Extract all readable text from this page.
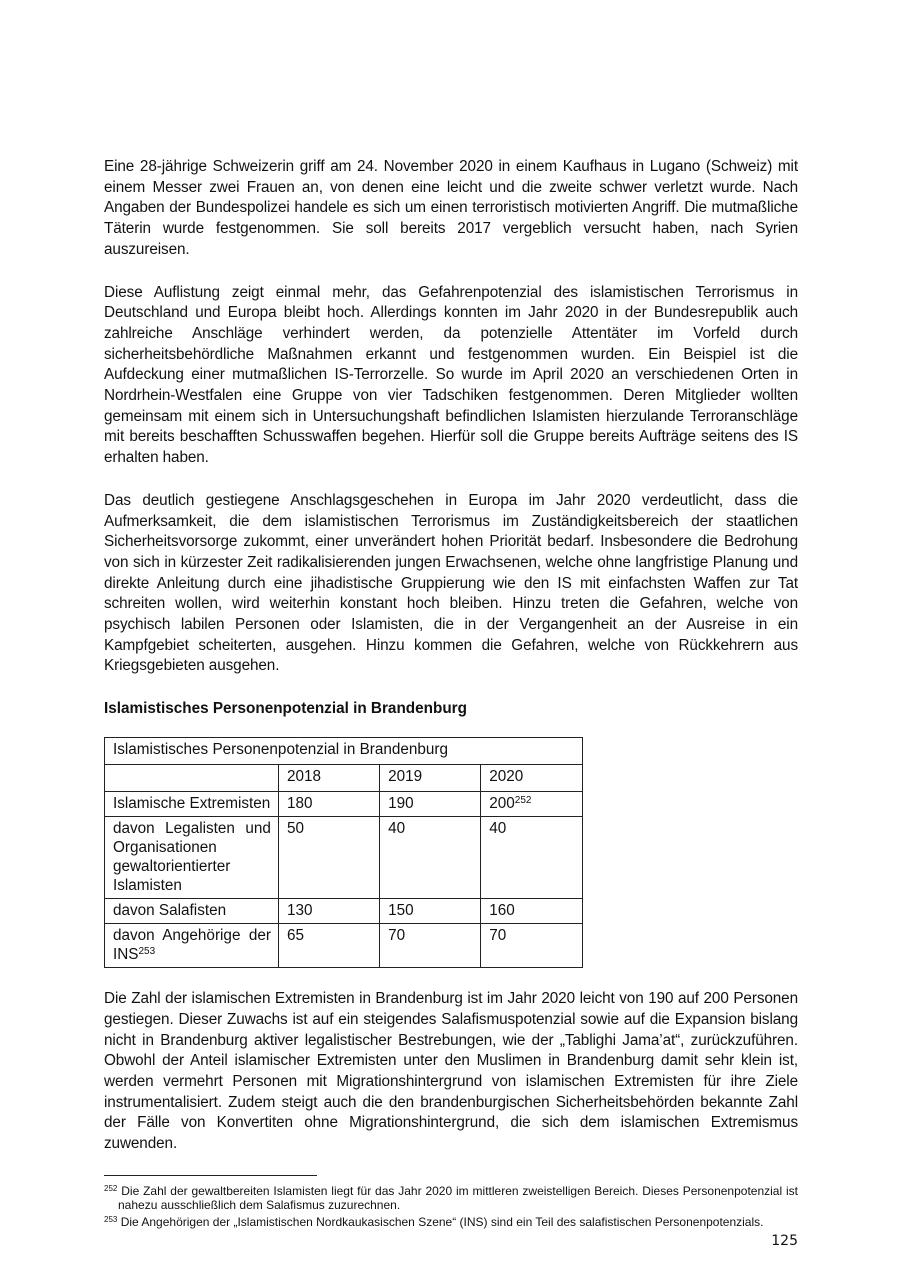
Eine 28-jährige Schweizerin griff am 24. November 2020 in einem Kaufhaus in Lugano (Schweiz) mit einem Messer zwei Frauen an, von denen eine leicht und die zweite schwer verletzt wurde. Nach Angaben der Bundespolizei handele es sich um einen terroristisch motivierten Angriff. Die mutmaßliche Täterin wurde festgenommen. Sie soll bereits 2017 vergeblich versucht haben, nach Syrien auszureisen.

Diese Auflistung zeigt einmal mehr, das Gefahrenpotenzial des islamistischen Terrorismus in Deutschland und Europa bleibt hoch. Allerdings konnten im Jahr 2020 in der Bundesrepublik auch zahlreiche Anschläge verhindert werden, da potenzielle Attentäter im Vorfeld durch sicherheitsbehördliche Maßnahmen erkannt und festgenommen wurden. Ein Beispiel ist die Aufdeckung einer mutmaßlichen IS-Terrorzelle. So wurde im April 2020 an verschiedenen Orten in Nordrhein-Westfalen eine Gruppe von vier Tadschiken festgenommen. Deren Mitglieder wollten gemeinsam mit einem sich in Untersuchungshaft befindlichen Islamisten hierzulande Terroranschläge mit bereits beschafften Schusswaffen begehen. Hierfür soll die Gruppe bereits Aufträge seitens des IS erhalten haben.

Das deutlich gestiegene Anschlagsgeschehen in Europa im Jahr 2020 verdeutlicht, dass die Aufmerksamkeit, die dem islamistischen Terrorismus im Zuständigkeitsbereich der staatlichen Sicherheitsvorsorge zukommt, einer unverändert hohen Priorität bedarf. Insbesondere die Bedrohung von sich in kürzester Zeit radikalisierenden jungen Erwachsenen, welche ohne langfristige Planung und direkte Anleitung durch eine jihadistische Gruppierung wie den IS mit einfachsten Waffen zur Tat schreiten wollen, wird weiterhin konstant hoch bleiben. Hinzu treten die Gefahren, welche von psychisch labilen Personen oder Islamisten, die in der Vergangenheit an der Ausreise in ein Kampfgebiet scheiterten, ausgehen. Hinzu kommen die Gefahren, welche von Rückkehrern aus Kriegsgebieten ausgehen.

Islamistisches Personenpotenzial in Brandenburg
Islamistisches Personenpotenzial in Brandenburg			
	2018	2019	2020
Islamische Extremisten	180	190	200$^{252}$
davon Legalisten und Organisationen gewaltorientierter Islamisten	50	40	40
davon Salafisten	130	150	160
davon Angehörige der INS$^{253}$	65	70	70

Die Zahl der islamischen Extremisten in Brandenburg ist im Jahr 2020 leicht von 190 auf 200 Personen gestiegen. Dieser Zuwachs ist auf ein steigendes Salafismuspotenzial sowie auf die Expansion bislang nicht in Brandenburg aktiver legalistischer Bestrebungen, wie der „Tablighi Jama’at“, zurückzuführen. Obwohl der Anteil islamischer Extremisten unter den Muslimen in Brandenburg damit sehr klein ist, werden vermehrt Personen mit Migrationshintergrund von islamischen Extremisten für ihre Ziele instrumentalisiert. Zudem steigt auch die den brandenburgischen Sicherheitsbehörden bekannte Zahl der Fälle von Konvertiten ohne Migrationshintergrund, die sich dem islamischen Extremismus zuwenden.

$^{252}$ Die Zahl der gewaltbereiten Islamisten liegt für das Jahr 2020 im mittleren zweistelligen Bereich. Dieses Personenpotenzial ist nahezu ausschließlich dem Salafismus zuzurechnen.

$^{253}$ Die Angehörigen der „Islamistischen Nordkaukasischen Szene“ (INS) sind ein Teil des salafistischen Personenpotenzials.

125
